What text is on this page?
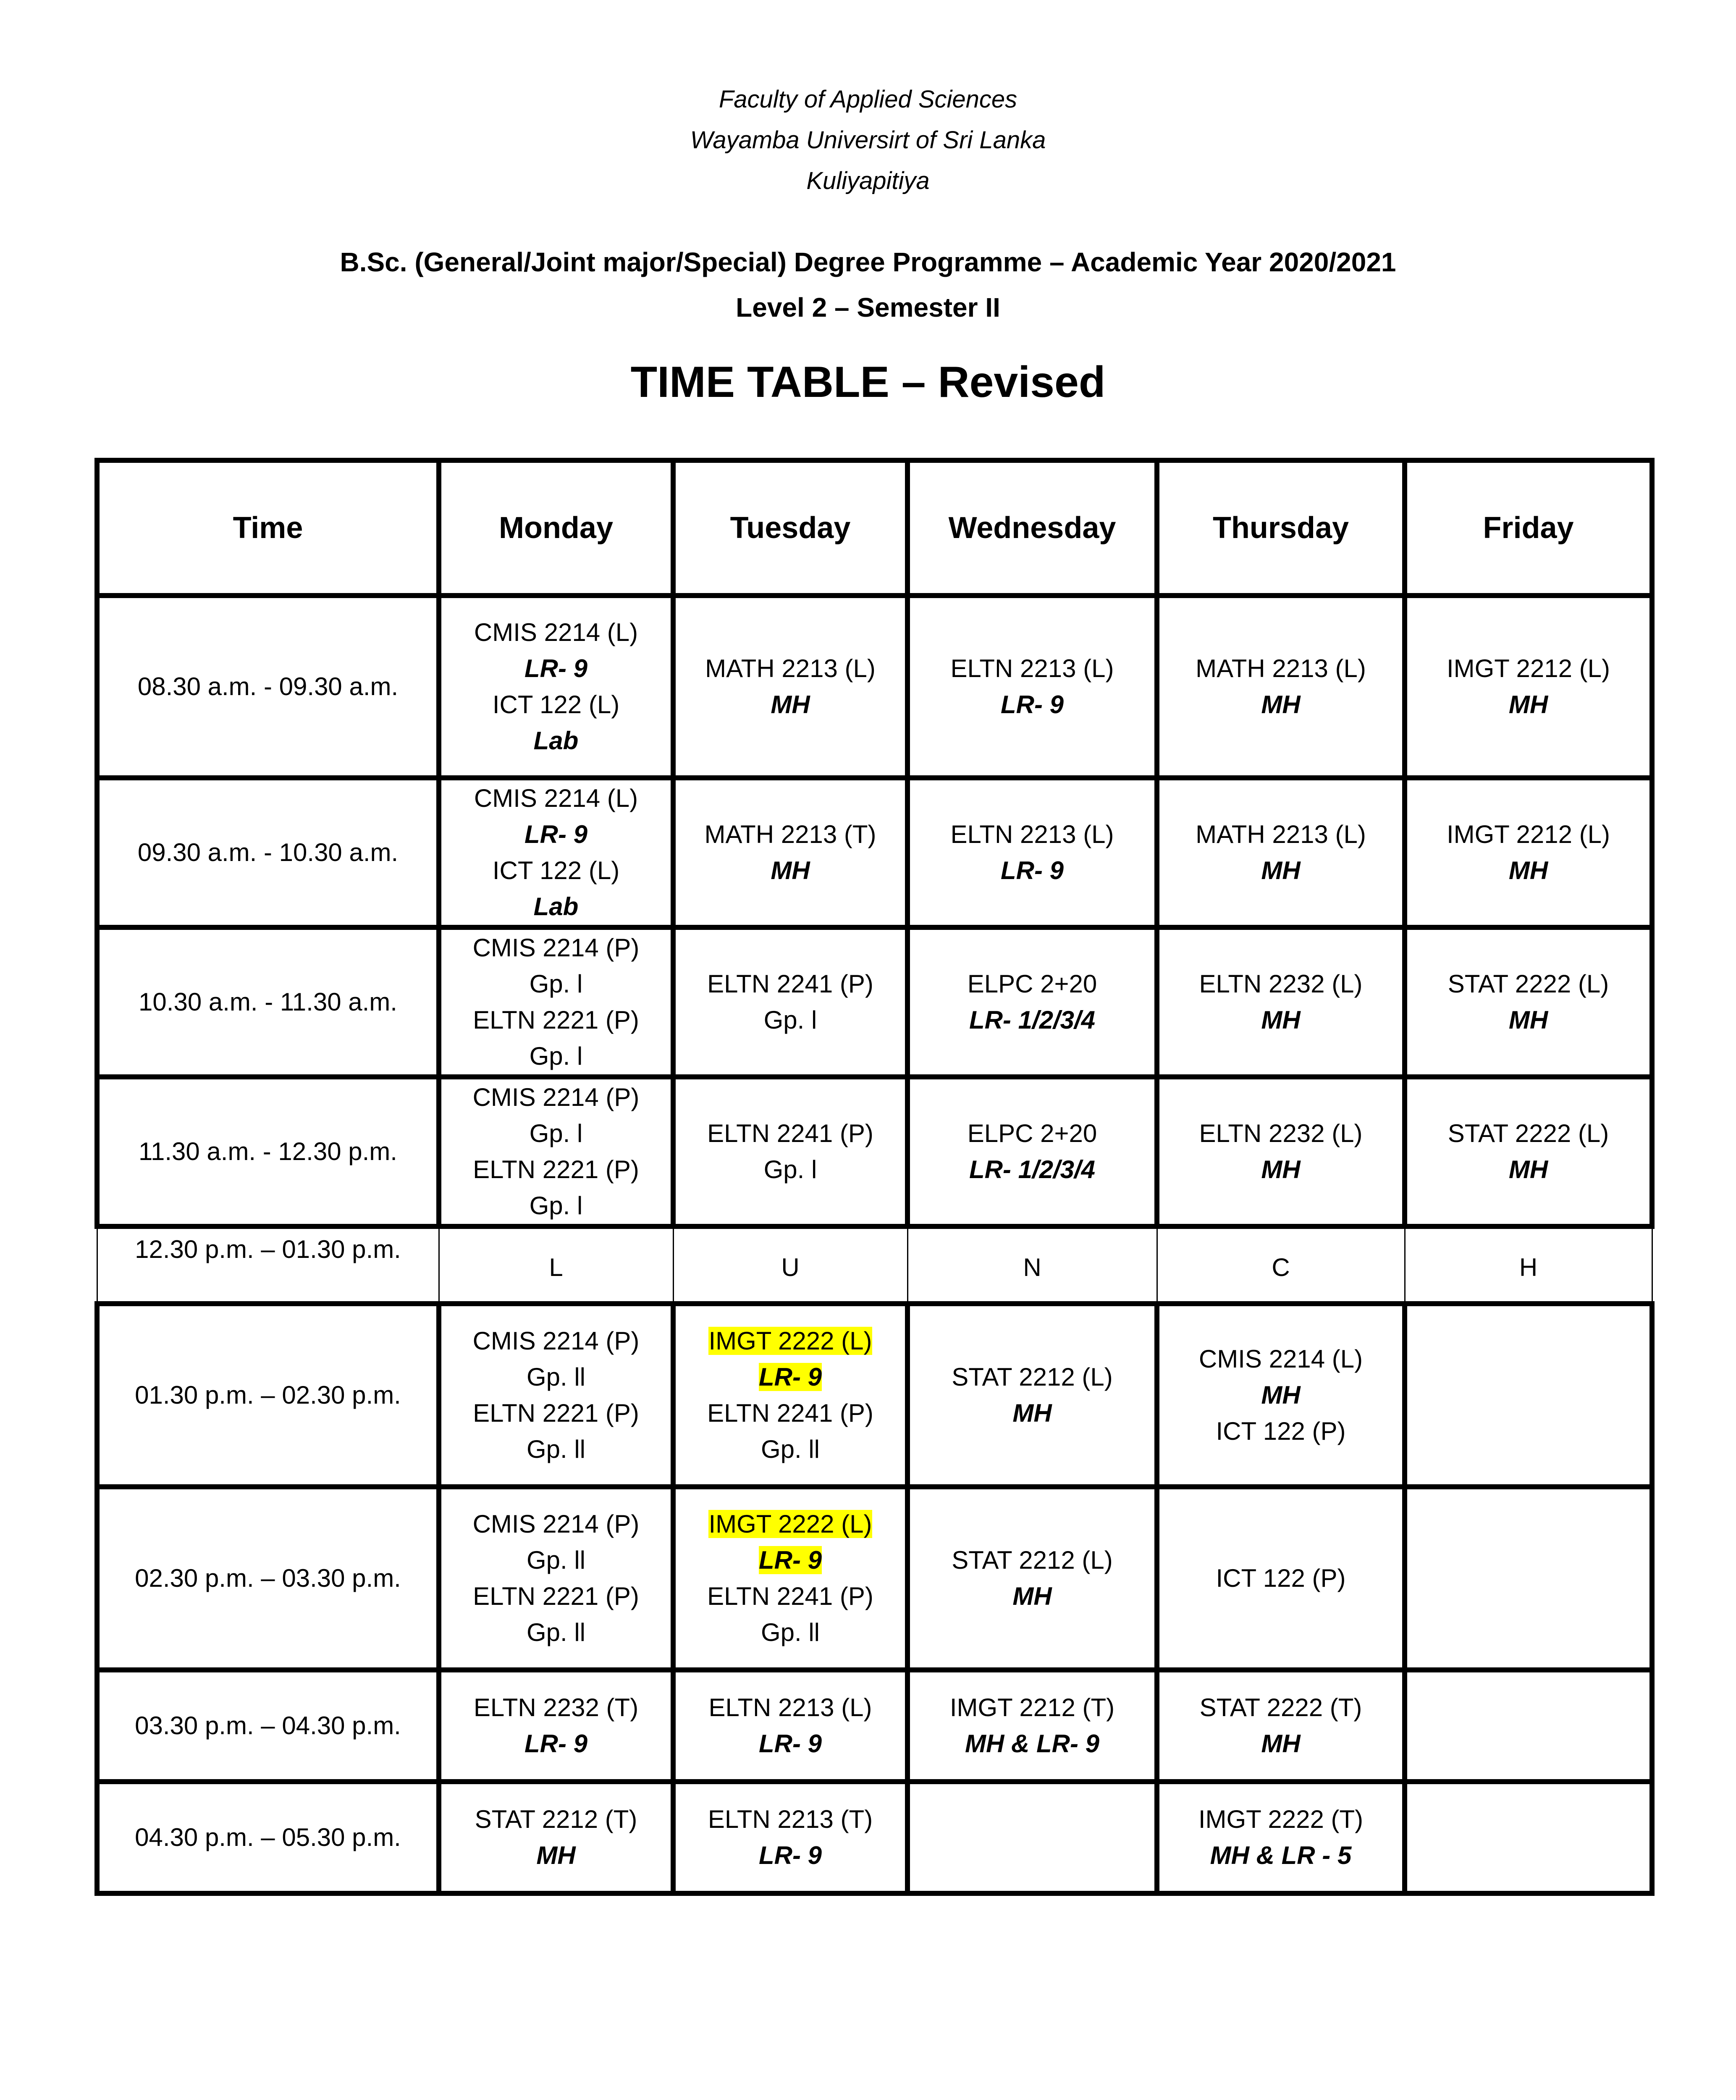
Faculty of Applied Sciences
Wayamba Universirt of Sri Lanka
Kuliyapitiya
B.Sc. (General/Joint major/Special) Degree Programme – Academic Year 2020/2021
Level 2 – Semester II
TIME TABLE – Revised
Time	Monday	Tuesday	Wednesday	Thursday	Friday
08.30 a.m. - 09.30 a.m.	CMIS 2214 (L)
LR- 9
ICT 122 (L)
Lab	MATH 2213 (L)
MH	ELTN 2213 (L)
LR- 9	MATH 2213 (L)
MH	IMGT 2212 (L)
MH

09.30 a.m. - 10.30 a.m.	CMIS 2214 (L)
LR- 9
ICT 122 (L)
Lab	MATH 2213 (T)
MH	ELTN 2213 (L)
LR- 9	MATH 2213 (L)
MH	IMGT 2212 (L)
MH

10.30 a.m. - 11.30 a.m.	CMIS 2214 (P)
Gp. l
ELTN 2221 (P)
Gp. l	ELTN 2241 (P)
Gp. l	ELPC 2+20
LR- 1/2/3/4	ELTN 2232 (L)
MH	STAT 2222 (L)
MH

11.30 a.m. - 12.30 p.m.	CMIS 2214 (P)
Gp. l
ELTN 2221 (P)
Gp. l	ELTN 2241 (P)
Gp. l	ELPC 2+20
LR- 1/2/3/4	ELTN 2232 (L)
MH	STAT 2222 (L)
MH

12.30 p.m. – 01.30 p.m.	L	U	N	C	H

01.30 p.m. – 02.30 p.m.	CMIS 2214 (P)
Gp. ll
ELTN 2221 (P)
Gp. ll	IMGT 2222 (L)
LR- 9
ELTN 2241 (P)
Gp. ll	STAT 2212 (L)
MH	CMIS 2214 (L)
MH
ICT 122 (P)	

02.30 p.m. – 03.30 p.m.	CMIS 2214 (P)
Gp. ll
ELTN 2221 (P)
Gp. ll	IMGT 2222 (L)
LR- 9
ELTN 2241 (P)
Gp. ll	STAT 2212 (L)
MH	ICT 122 (P)	

03.30 p.m. – 04.30 p.m.	ELTN 2232 (T)
LR- 9	ELTN 2213 (L)
LR- 9	IMGT 2212 (T)
MH & LR- 9	STAT 2222 (T)
MH	

04.30 p.m. – 05.30 p.m.	STAT 2212 (T)
MH	ELTN 2213 (T)
LR- 9		IMGT 2222 (T)
MH & LR - 5	
